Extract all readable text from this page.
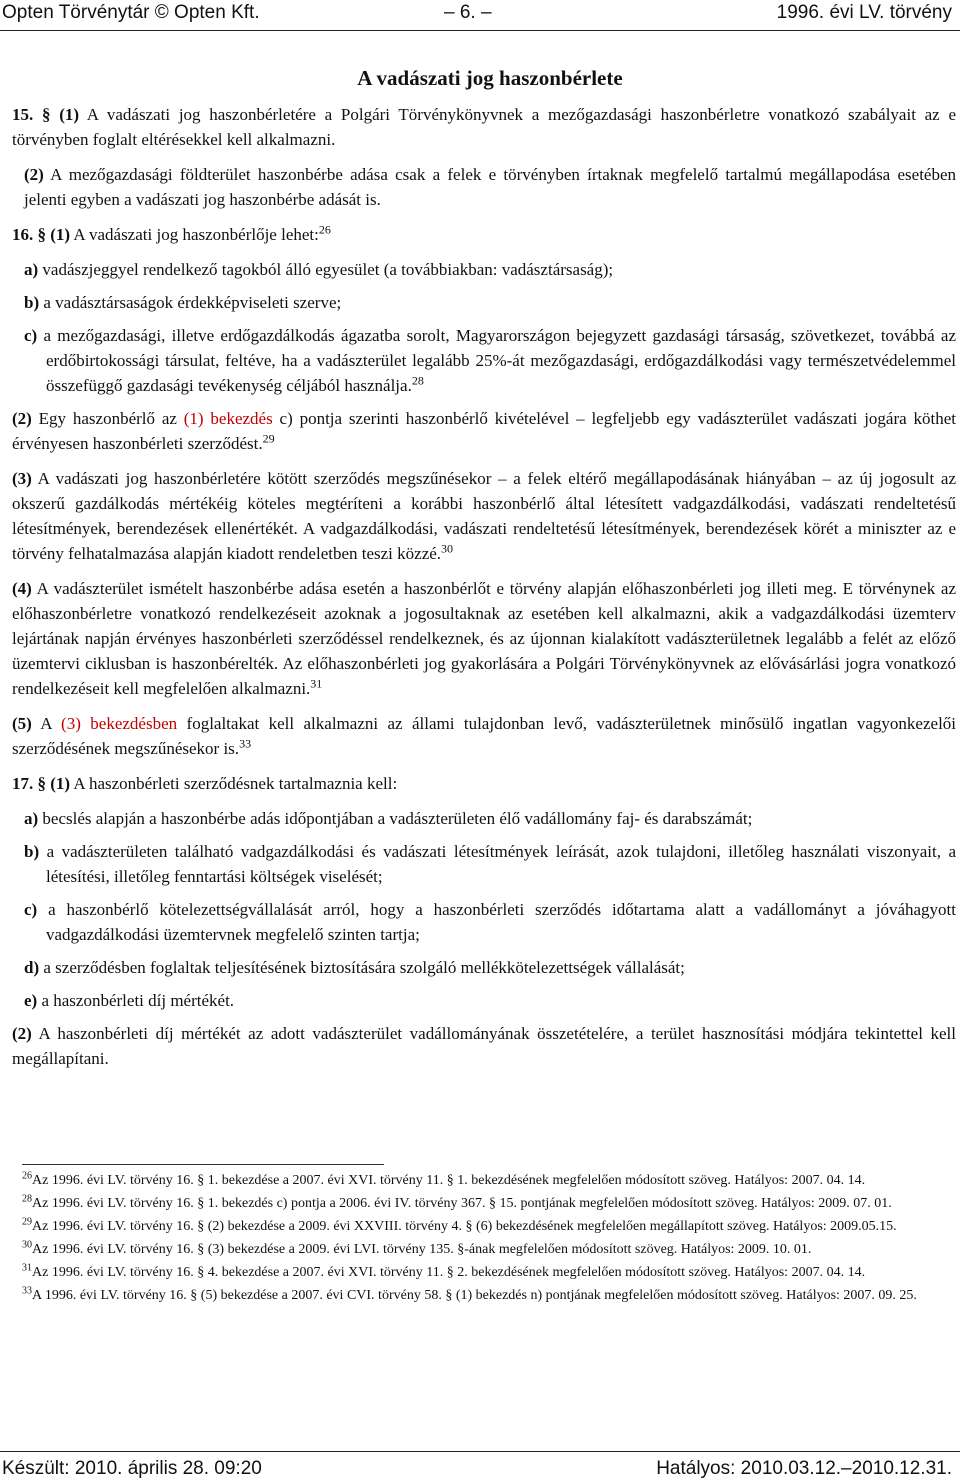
Opten Törvénytár © Opten Kft.	– 6. –	1996. évi LV. törvény
A vadászati jog haszonbérlete

15. § (1) A vadászati jog haszonbérletére a Polgári Törvénykönyvnek a mezőgazdasági haszonbérletre vonatkozó szabályait az e törvényben foglalt eltérésekkel kell alkalmazni.

(2) A mezőgazdasági földterület haszonbérbe adása csak a felek e törvényben írtaknak megfelelő tartalmú megállapodása esetében jelenti egyben a vadászati jog haszonbérbe adását is.

16. § (1) A vadászati jog haszonbérlője lehet:$^{26}$

a) vadászjeggyel rendelkező tagokból álló egyesület (a továbbiakban: vadásztársaság);

b) a vadásztársaságok érdekképviseleti szerve;

c) a mezőgazdasági, illetve erdőgazdálkodás ágazatba sorolt, Magyarországon bejegyzett gazdasági társaság, szövetkezet, továbbá az erdőbirtokossági társulat, feltéve, ha a vadászterület legalább 25%-át mezőgazdasági, erdőgazdálkodási vagy természetvédelemmel összefüggő gazdasági tevékenység céljából használja.$^{28}$

(2) Egy haszonbérlő az (1) bekezdés c) pontja szerinti haszonbérlő kivételével – legfeljebb egy vadászterület vadászati jogára köthet érvényesen haszonbérleti szerződést.$^{29}$

(3) A vadászati jog haszonbérletére kötött szerződés megszűnésekor – a felek eltérő megállapodásának hiányában – az új jogosult az okszerű gazdálkodás mértékéig köteles megtéríteni a korábbi haszonbérlő által létesített vadgazdálkodási, vadászati rendeltetésű létesítmények, berendezések ellenértékét. A vadgazdálkodási, vadászati rendeltetésű létesítmények, berendezések körét a miniszter az e törvény felhatalmazása alapján kiadott rendeletben teszi közzé.$^{30}$

(4) A vadászterület ismételt haszonbérbe adása esetén a haszonbérlőt e törvény alapján előhaszonbérleti jog illeti meg. E törvénynek az előhaszonbérletre vonatkozó rendelkezéseit azoknak a jogosultaknak az esetében kell alkalmazni, akik a vadgazdálkodási üzemterv lejártának napján érvényes haszonbérleti szerződéssel rendelkeznek, és az újonnan kialakított vadászterületnek legalább a felét az előző üzemtervi ciklusban is haszonbérelték. Az előhaszonbérleti jog gyakorlására a Polgári Törvénykönyvnek az elővásárlási jogra vonatkozó rendelkezéseit kell megfelelően alkalmazni.$^{31}$

(5) A (3) bekezdésben foglaltakat kell alkalmazni az állami tulajdonban levő, vadászterületnek minősülő ingatlan vagyonkezelői szerződésének megszűnésekor is.$^{33}$

17. § (1) A haszonbérleti szerződésnek tartalmaznia kell:

a) becslés alapján a haszonbérbe adás időpontjában a vadászterületen élő vadállomány faj- és darabszámát;

b) a vadászterületen található vadgazdálkodási és vadászati létesítmények leírását, azok tulajdoni, illetőleg használati viszonyait, a létesítési, illetőleg fenntartási költségek viselését;

c) a haszonbérlő kötelezettségvállalását arról, hogy a haszonbérleti szerződés időtartama alatt a vadállományt a jóváhagyott vadgazdálkodási üzemtervnek megfelelő szinten tartja;

d) a szerződésben foglaltak teljesítésének biztosítására szolgáló mellékkötelezettségek vállalását;

e) a haszonbérleti díj mértékét.

(2) A haszonbérleti díj mértékét az adott vadászterület vadállományának összetételére, a terület hasznosítási módjára tekintettel kell megállapítani.

$^{26}$Az 1996. évi LV. törvény 16. § 1. bekezdése a 2007. évi XVI. törvény 11. § 1. bekezdésének megfelelően módosított szöveg. Hatályos: 2007. 04. 14.

$^{28}$Az 1996. évi LV. törvény 16. § 1. bekezdés c) pontja a 2006. évi IV. törvény 367. § 15. pontjának megfelelően módosított szöveg. Hatályos: 2009. 07. 01.

$^{29}$Az 1996. évi LV. törvény 16. § (2) bekezdése a 2009. évi XXVIII. törvény 4. § (6) bekezdésének megfelelően megállapított szöveg. Hatályos: 2009.05.15.

$^{30}$Az 1996. évi LV. törvény 16. § (3) bekezdése a 2009. évi LVI. törvény 135. §-ának megfelelően módosított szöveg. Hatályos: 2009. 10. 01.

$^{31}$Az 1996. évi LV. törvény 16. § 4. bekezdése a 2007. évi XVI. törvény 11. § 2. bekezdésének megfelelően módosított szöveg. Hatályos: 2007. 04. 14.

$^{33}$A 1996. évi LV. törvény 16. § (5) bekezdése a 2007. évi CVI. törvény 58. § (1) bekezdés n) pontjának megfelelően módosított szöveg. Hatályos: 2007. 09. 25.

Készült: 2010. április 28. 09:20	Hatályos: 2010.03.12.–2010.12.31.
